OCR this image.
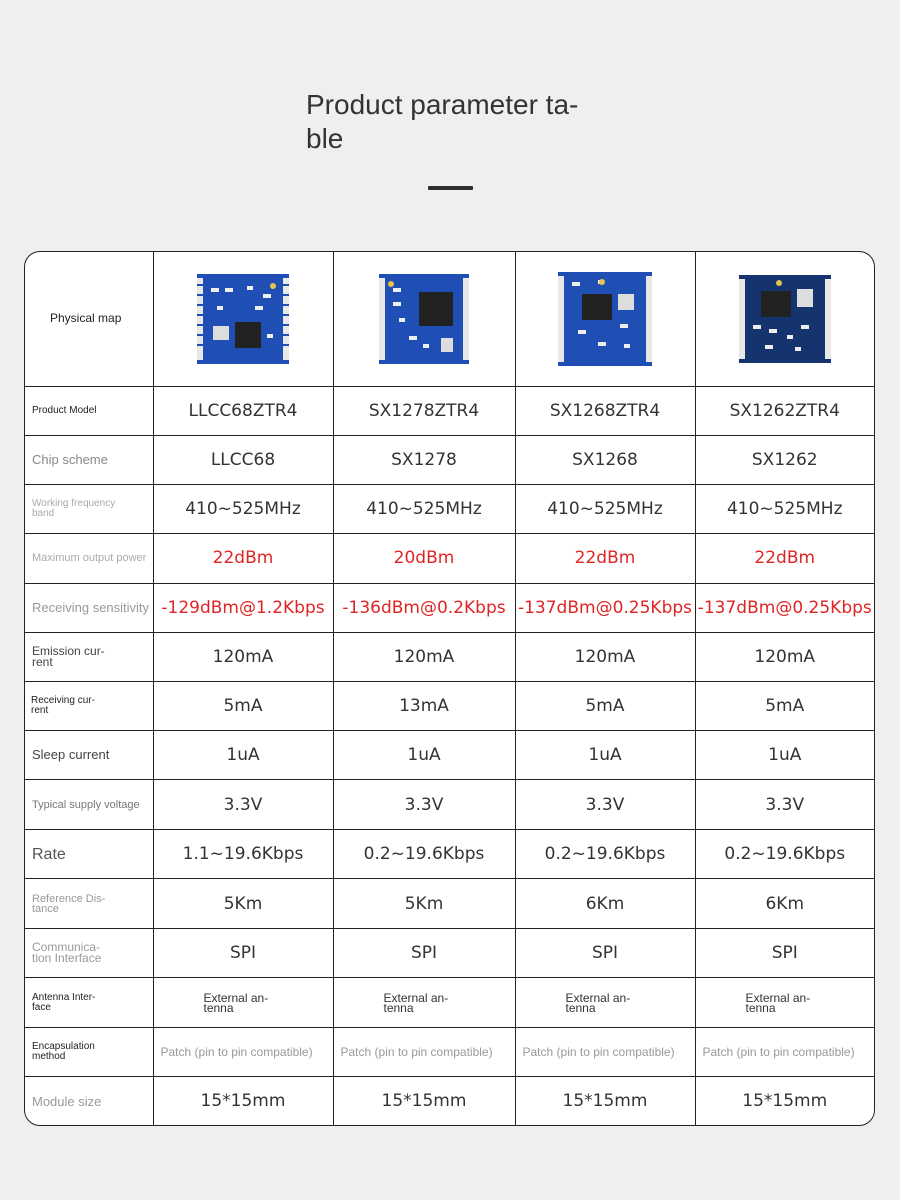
Product parameter ta-
ble
Physical map

Product Model	LLCC68ZTR4	SX1278ZTR4	SX1268ZTR4	SX1262ZTR4

Chip scheme	LLCC68	SX1278	SX1268	SX1262

Working frequency
band	410~525MHz	410~525MHz	410~525MHz	410~525MHz

Maximum output power	22dBm	20dBm	22dBm	22dBm

Receiving sensitivity	-129dBm@1.2Kbps	-136dBm@0.2Kbps	-137dBm@0.25Kbps	-137dBm@0.25Kbps

Emission cur-
rent	120mA	120mA	120mA	120mA

Receiving cur-
rent	5mA	13mA	5mA	5mA

Sleep current	1uA	1uA	1uA	1uA

Typical supply voltage	3.3V	3.3V	3.3V	3.3V

Rate	1.1~19.6Kbps	0.2~19.6Kbps	0.2~19.6Kbps	0.2~19.6Kbps

Reference Dis-
tance	5Km	5Km	6Km	6Km

Communica-
tion Interface	SPI	SPI	SPI	SPI

Antenna Inter-
face	External an-
tenna	External an-
tenna	External an-
tenna	External an-
tenna

Encapsulation
method	Patch (pin to pin compatible)	Patch (pin to pin compatible)	Patch (pin to pin compatible)	Patch (pin to pin compatible)

Module size	15*15mm	15*15mm	15*15mm	15*15mm
